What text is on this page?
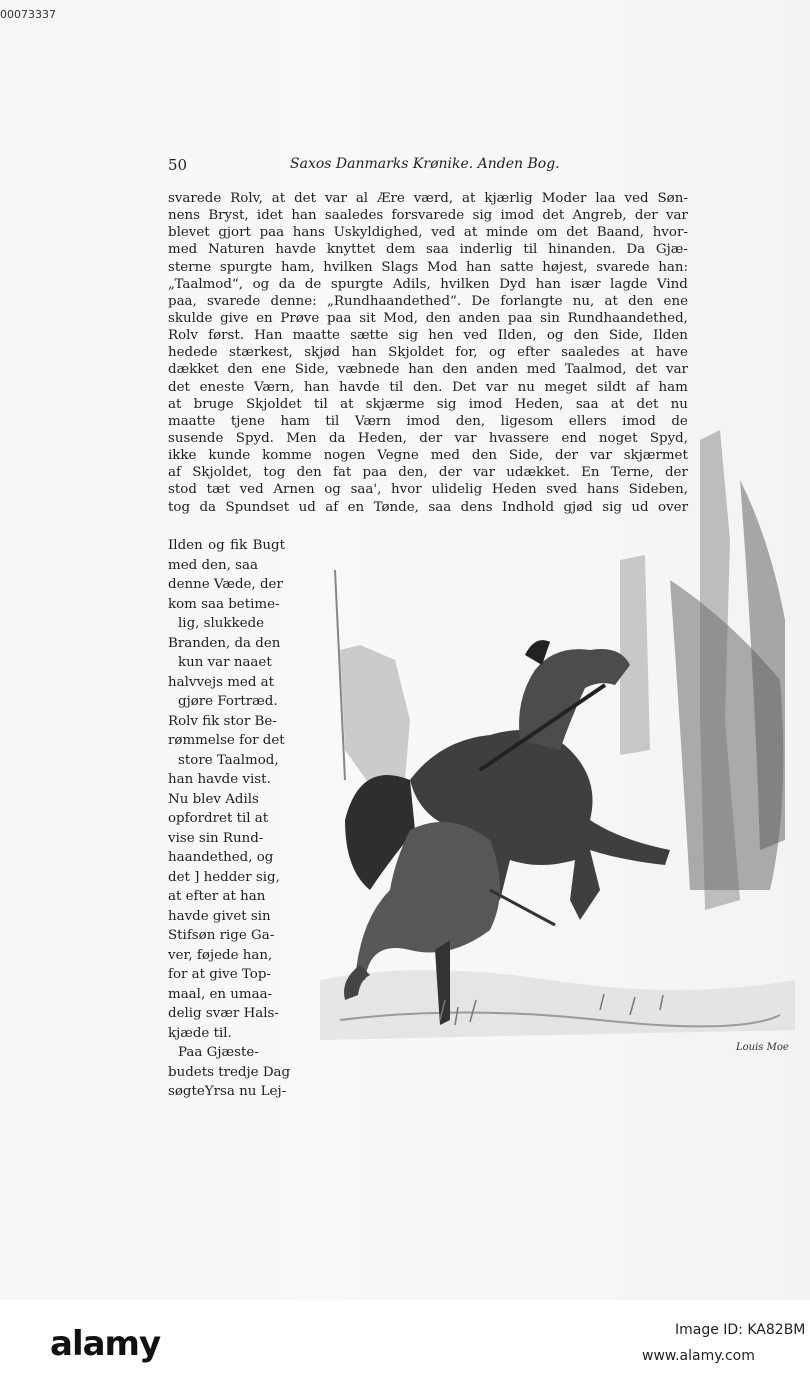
00073337
50	Saxos Danmarks Krønike. Anden Bog.
svarede Rolv, at det var al Ære værd, at kjærlig Moder laa ved Søn-
nens Bryst, idet han saaledes forsvarede sig imod det Angreb, der var
blevet gjort paa hans Uskyldighed, ved at minde om det Baand, hvor-
med Naturen havde knyttet dem saa inderlig til hinanden. Da Gjæ-
sterne spurgte ham, hvilken Slags Mod han satte højest, svarede han:
„Taalmod“, og da de spurgte Adils, hvilken Dyd han især lagde Vind
paa, svarede denne: „Rundhaandethed“. De forlangte nu, at den ene
skulde give en Prøve paa sit Mod, den anden paa sin Rundhaandethed,
Rolv først. Han maatte sætte sig hen ved Ilden, og den Side, Ilden
hedede stærkest, skjød han Skjoldet for, og efter saaledes at have
dækket den ene Side, væbnede han den anden med Taalmod, det var
det eneste Værn, han havde til den. Det var nu meget sildt af ham
at bruge Skjoldet til at skjærme sig imod Heden, saa at det nu
maatte tjene ham til Værn imod den, ligesom ellers imod de
susende Spyd. Men da Heden, der var hvassere end noget Spyd,
ikke kunde komme nogen Vegne med den Side, der var skjærmet
af Skjoldet, tog den fat paa den, der var udækket. En Terne, der
stod tæt ved Arnen og saa', hvor ulidelig Heden sved hans Sideben,
tog da Spundset ud af en Tønde, saa dens Indhold gjød sig ud over
Ilden og fik Bugt
med den, saa
denne Væde, der
kom saa betime-
lig, slukkede
Branden, da den
kun var naaet
halvvejs med at
gjøre Fortræd.
Rolv fik stor Be-
rømmelse for det
store Taalmod,
han havde vist.
Nu blev Adils
opfordret til at
vise sin Rund-
haandethed, og
det ] hedder sig,
at efter at han
havde givet sin
Stifsøn rige Ga-
ver, føjede han,
for at give Top-
maal, en umaa-
delig svær Hals-
kjæde til.
Paa Gjæste-
budets tredje Dag
søgteYrsa nu Lej-
Louis Moe
alamy	Image ID: KA82BM
www.alamy.com
